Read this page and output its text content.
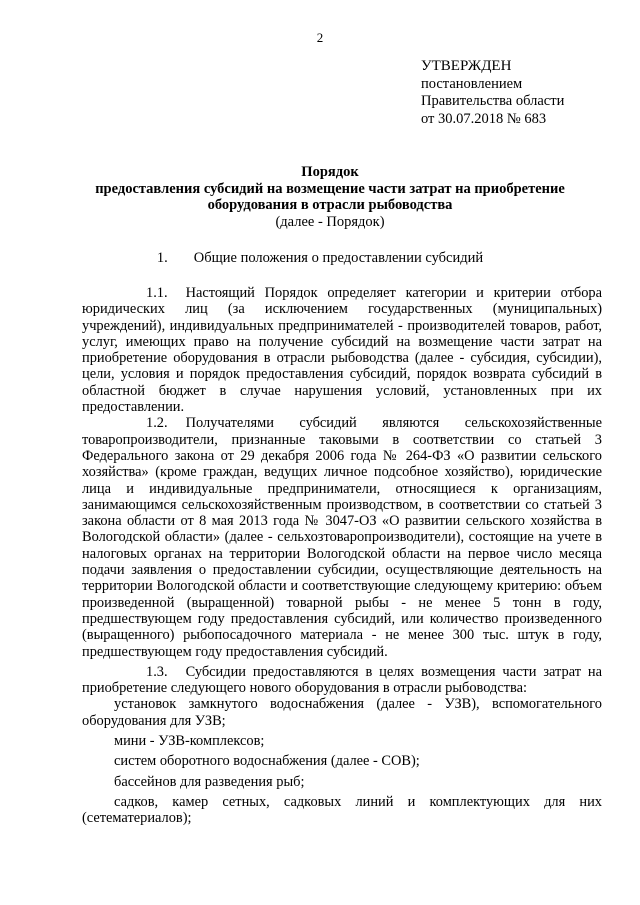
2
УТВЕРЖДЕН
постановлением
Правительства области
от 30.07.2018 № 683
Порядок
предоставления субсидий на возмещение части затрат на приобретение
оборудования в отрасли рыбоводства
(далее - Порядок)
1. Общие положения о предоставлении субсидий

1.1. Настоящий Порядок определяет категории и критерии отбора юридических лиц (за исключением государственных (муниципальных) учреждений), индивидуальных предпринимателей - производителей товаров, работ, услуг, имеющих право на получение субсидий на возмещение части затрат на приобретение оборудования в отрасли рыбоводства (далее - субсидия, субсидии), цели, условия и порядок предоставления субсидий, порядок возврата субсидий в областной бюджет в случае нарушения условий, установленных при их предоставлении.

1.2. Получателями субсидий являются сельскохозяйственные товаропроизводители, признанные таковыми в соответствии со статьей 3 Федерального закона от 29 декабря 2006 года № 264-ФЗ «О развитии сельского хозяйства» (кроме граждан, ведущих личное подсобное хозяйство), юридические лица и индивидуальные предприниматели, относящиеся к организациям, занимающимся сельскохозяйственным производством, в соответствии со статьей 3 закона области от 8 мая 2013 года № 3047-ОЗ «О развитии сельского хозяйства в Вологодской области» (далее - сельхозтоваропроизводители), состоящие на учете в налоговых органах на территории Вологодской области на первое число месяца подачи заявления о предоставлении субсидии, осуществляющие деятельность на территории Вологодской области и соответствующие следующему критерию: объем произведенной (выращенной) товарной рыбы - не менее 5 тонн в году, предшествующем году предоставления субсидий, или количество произведенного (выращенного) рыбопосадочного материала - не менее 300 тыс. штук в году, предшествующем году предоставления субсидий.

1.3. Субсидии предоставляются в целях возмещения части затрат на приобретение следующего нового оборудования в отрасли рыбоводства:

установок замкнутого водоснабжения (далее - УЗВ), вспомогательного оборудования для УЗВ;

мини - УЗВ-комплексов;

систем оборотного водоснабжения (далее - СОВ);

бассейнов для разведения рыб;

садков, камер сетных, садковых линий и комплектующих для них (сетематериалов);
